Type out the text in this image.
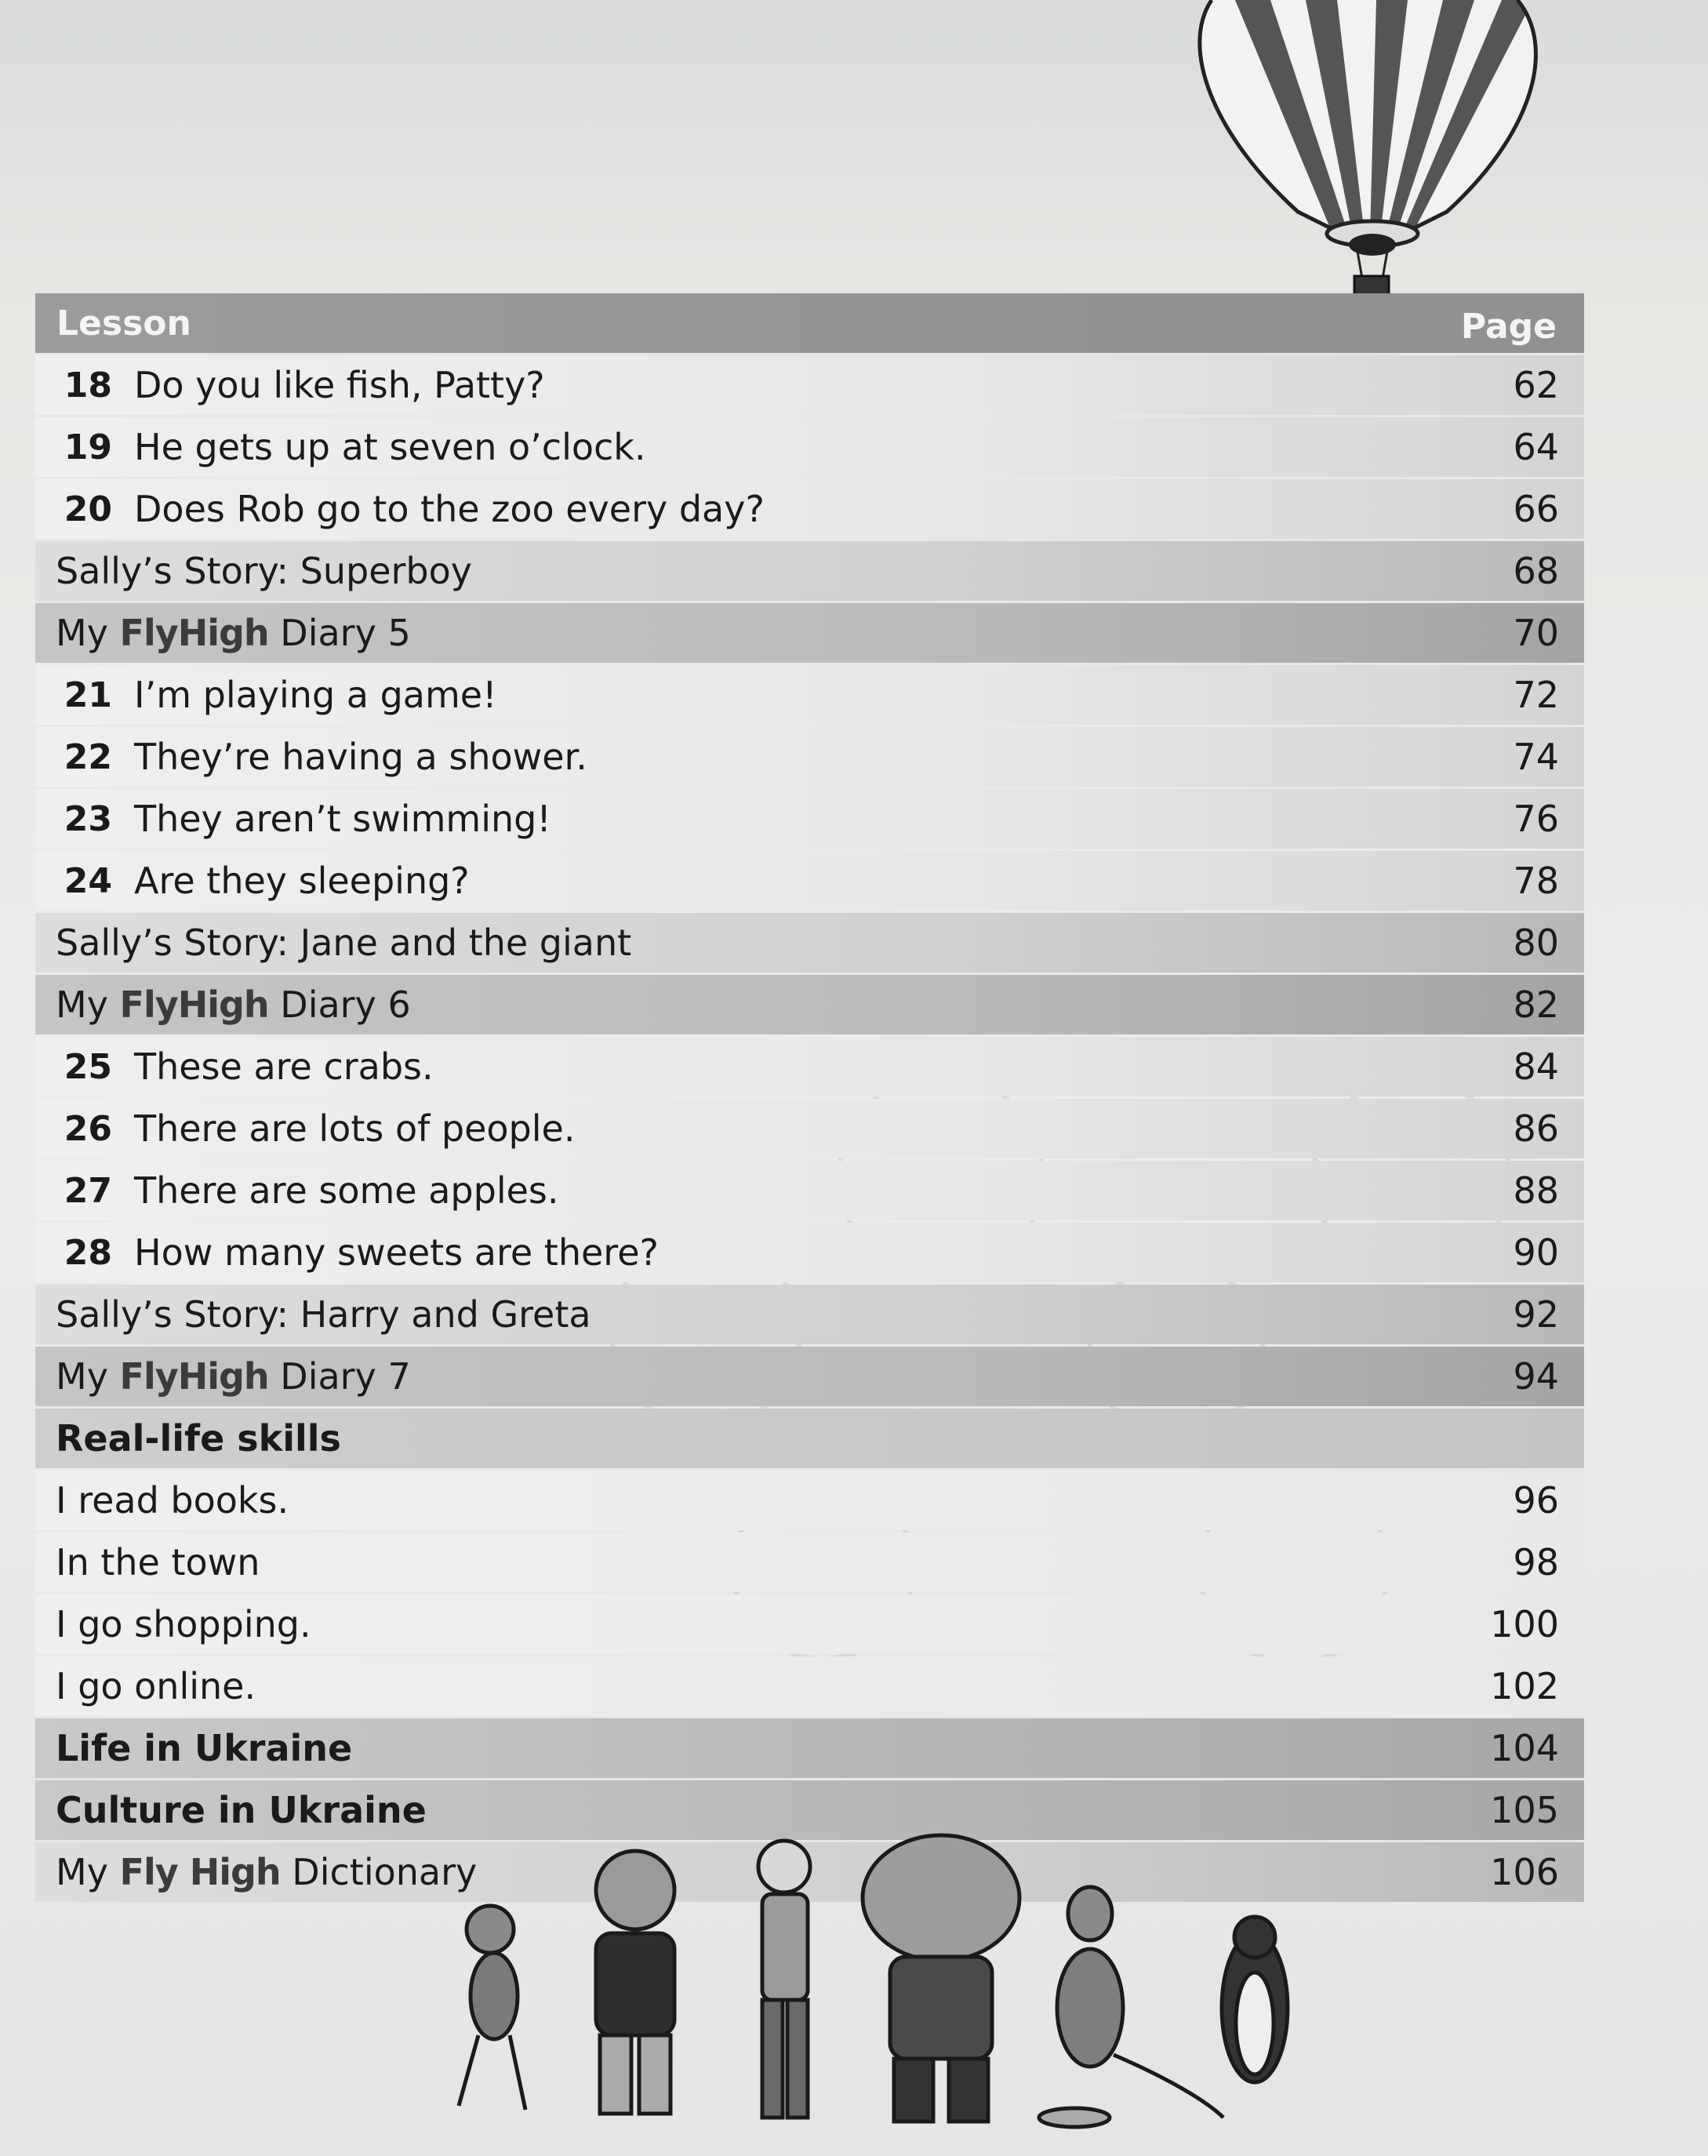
Lesson	Page
18 Do you like fish, Patty?	62
19 He gets up at seven o’clock.	64
20 Does Rob go to the zoo every day?	66
Sally’s Story: Superboy	68
My FlyHigh Diary 5	70
21 I’m playing a game!	72
22 They’re having a shower.	74
23 They aren’t swimming!	76
24 Are they sleeping?	78
Sally’s Story: Jane and the giant	80
My FlyHigh Diary 6	82
25 These are crabs.	84
26 There are lots of people.	86
27 There are some apples.	88
28 How many sweets are there?	90
Sally’s Story: Harry and Greta	92
My FlyHigh Diary 7	94
Real-life skills
I read books.	96
In the town	98
I go shopping.	100
I go online.	102
Life in Ukraine	104
Culture in Ukraine	105
My Fly High Dictionary	106
